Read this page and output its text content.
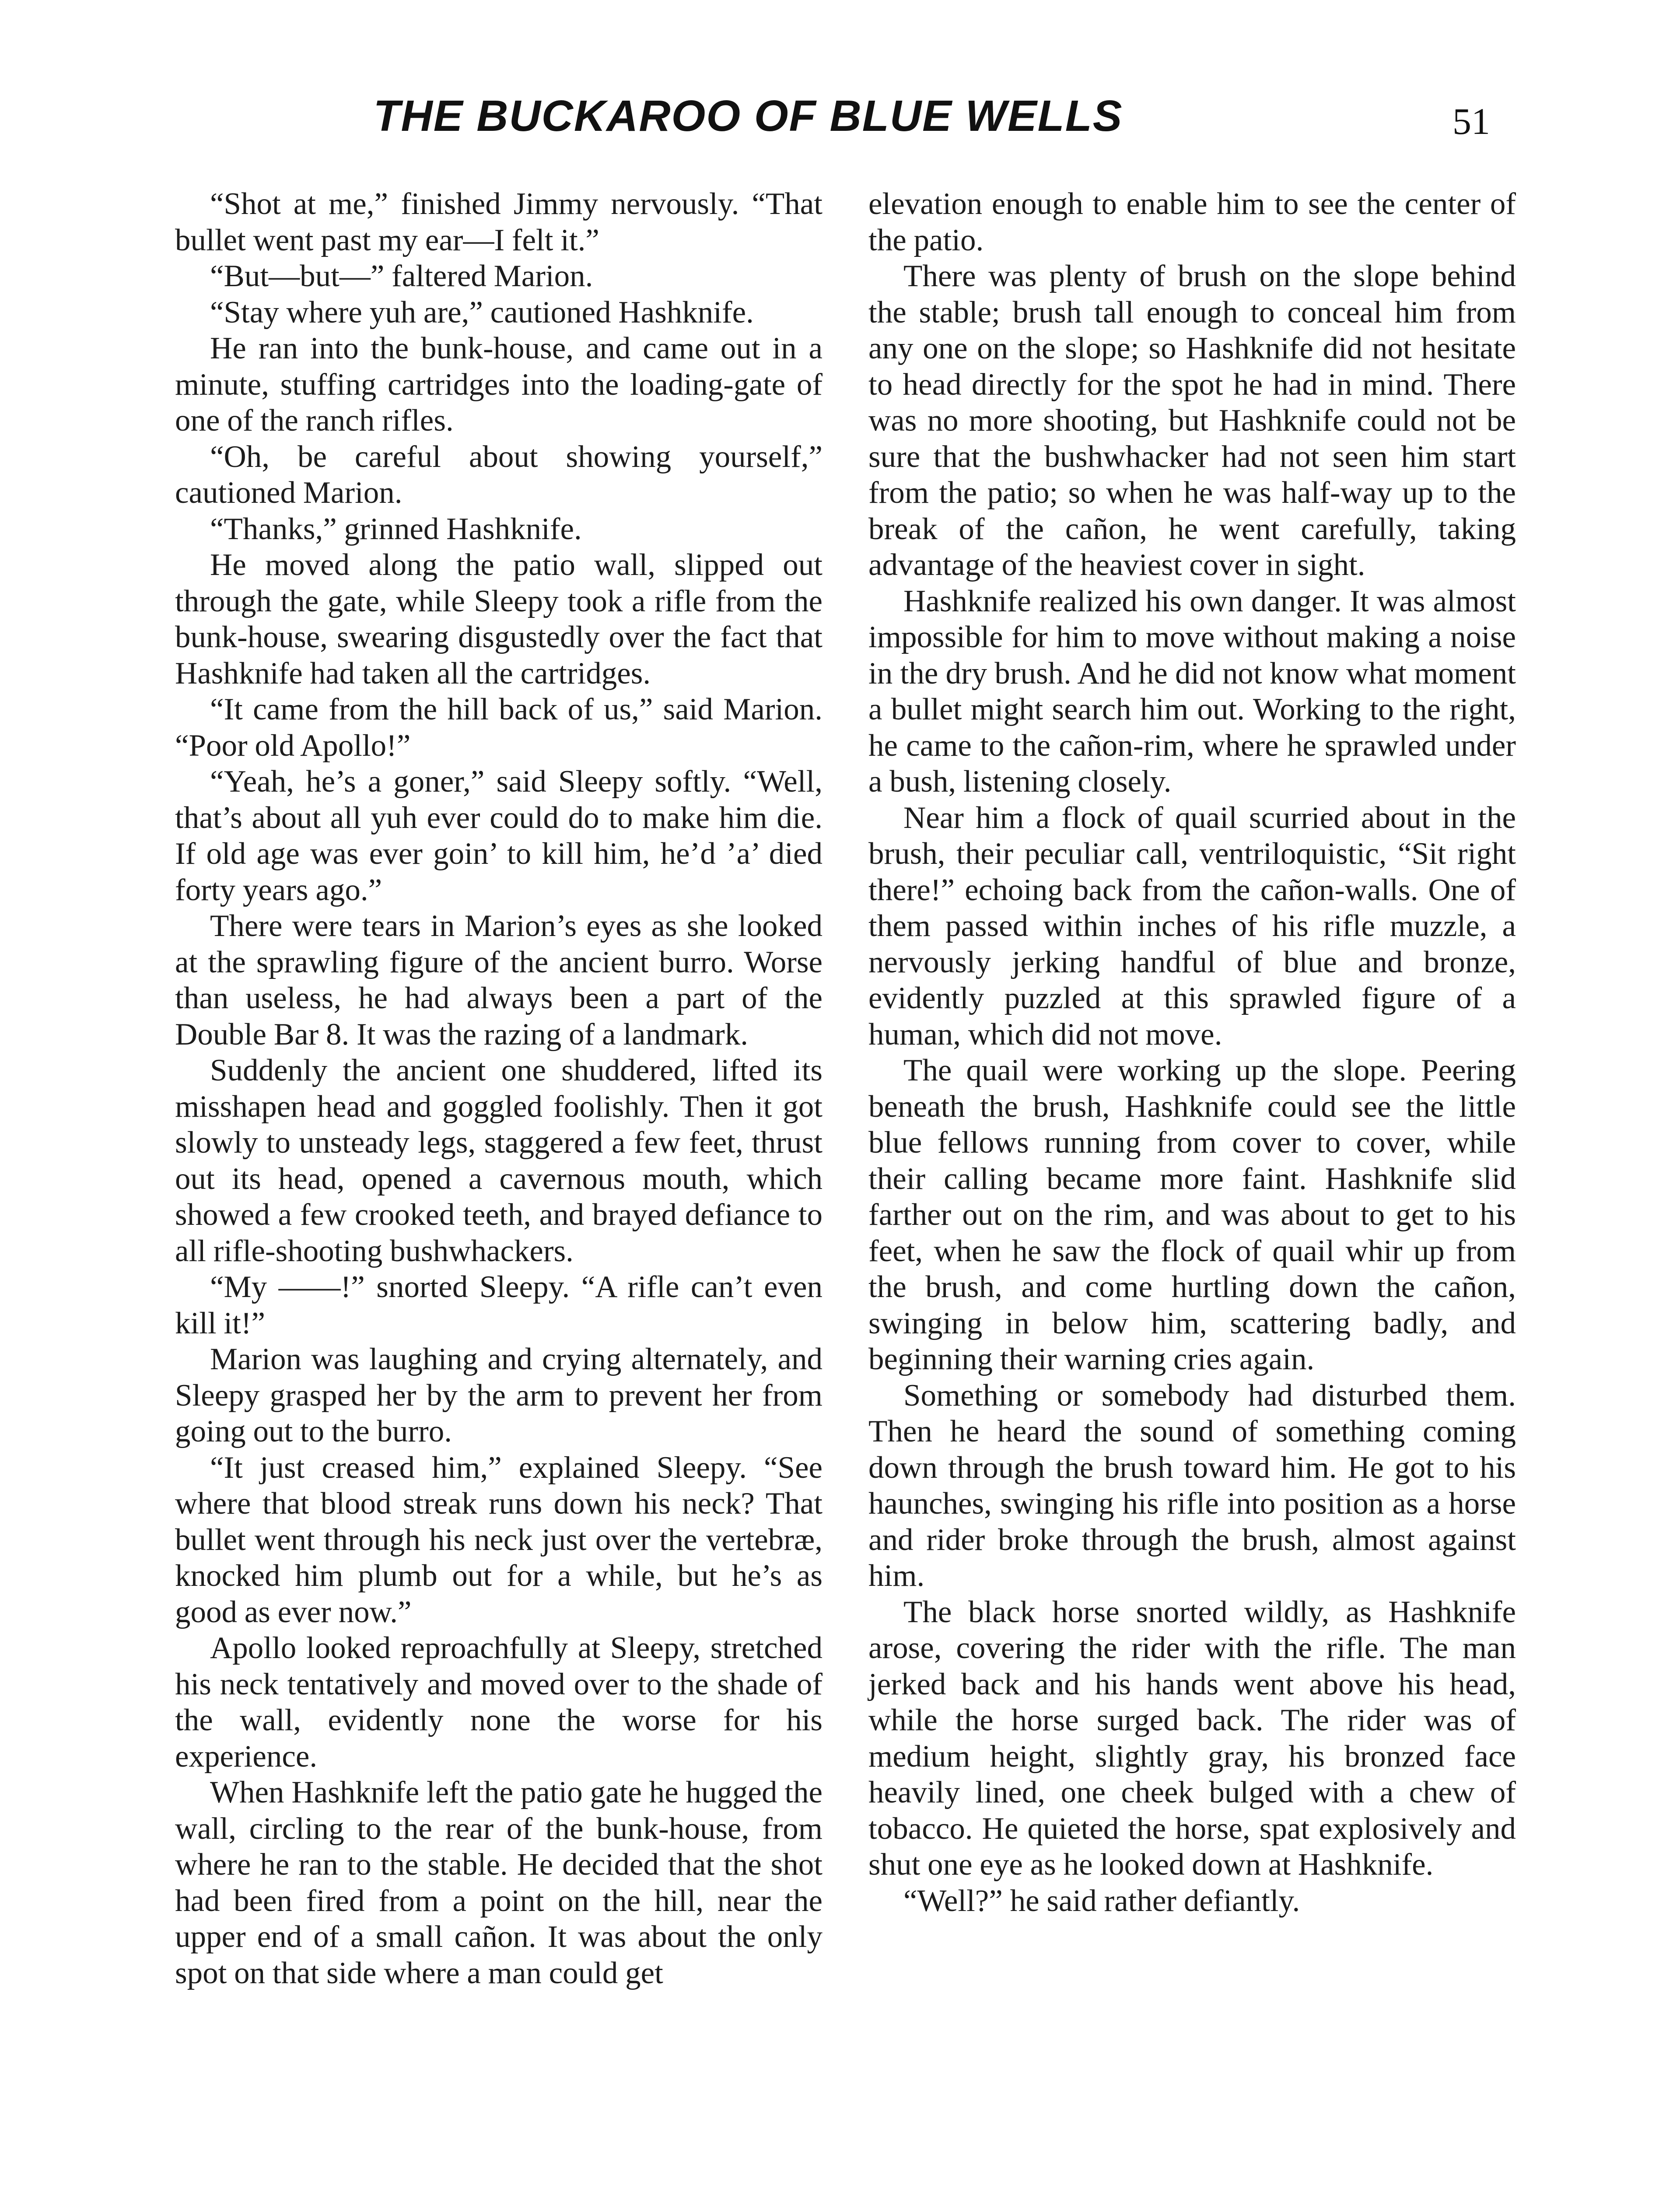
THE BUCKAROO OF BLUE WELLS	51

“Shot at me,” finished Jimmy nervously. “That bullet went past my ear—I felt it.”

“But—but—” faltered Marion.

“Stay where yuh are,” cautioned Hashknife.

He ran into the bunk-house, and came out in a minute, stuffing cartridges into the loading-gate of one of the ranch rifles.

“Oh, be careful about showing yourself,” cautioned Marion.

“Thanks,” grinned Hashknife.

He moved along the patio wall, slipped out through the gate, while Sleepy took a rifle from the bunk-house, swearing disgustedly over the fact that Hashknife had taken all the cartridges.

“It came from the hill back of us,” said Marion. “Poor old Apollo!”

“Yeah, he’s a goner,” said Sleepy softly. “Well, that’s about all yuh ever could do to make him die. If old age was ever goin’ to kill him, he’d ’a’ died forty years ago.”

There were tears in Marion’s eyes as she looked at the sprawling figure of the ancient burro. Worse than useless, he had always been a part of the Double Bar 8. It was the razing of a landmark.

Suddenly the ancient one shuddered, lifted its misshapen head and goggled foolishly. Then it got slowly to unsteady legs, staggered a few feet, thrust out its head, opened a cavernous mouth, which showed a few crooked teeth, and brayed defiance to all rifle-shooting bushwhackers.

“My ——!” snorted Sleepy. “A rifle can’t even kill it!”

Marion was laughing and crying alternately, and Sleepy grasped her by the arm to prevent her from going out to the burro.

“It just creased him,” explained Sleepy. “See where that blood streak runs down his neck? That bullet went through his neck just over the vertebræ, knocked him plumb out for a while, but he’s as good as ever now.”

Apollo looked reproachfully at Sleepy, stretched his neck tentatively and moved over to the shade of the wall, evidently none the worse for his experience.

When Hashknife left the patio gate he hugged the wall, circling to the rear of the bunk-house, from where he ran to the stable. He decided that the shot had been fired from a point on the hill, near the upper end of a small cañon. It was about the only spot on that side where a man could get

elevation enough to enable him to see the center of the patio.

There was plenty of brush on the slope behind the stable; brush tall enough to conceal him from any one on the slope; so Hashknife did not hesitate to head directly for the spot he had in mind. There was no more shooting, but Hashknife could not be sure that the bushwhacker had not seen him start from the patio; so when he was half-way up to the break of the cañon, he went carefully, taking advantage of the heaviest cover in sight.

Hashknife realized his own danger. It was almost impossible for him to move without making a noise in the dry brush. And he did not know what moment a bullet might search him out. Working to the right, he came to the cañon-rim, where he sprawled under a bush, listening closely.

Near him a flock of quail scurried about in the brush, their peculiar call, ventriloquistic, “Sit right there!” echoing back from the cañon-walls. One of them passed within inches of his rifle muzzle, a nervously jerking handful of blue and bronze, evidently puzzled at this sprawled figure of a human, which did not move.

The quail were working up the slope. Peering beneath the brush, Hashknife could see the little blue fellows running from cover to cover, while their calling became more faint. Hashknife slid farther out on the rim, and was about to get to his feet, when he saw the flock of quail whir up from the brush, and come hurtling down the cañon, swinging in below him, scattering badly, and beginning their warning cries again.

Something or somebody had disturbed them. Then he heard the sound of something coming down through the brush toward him. He got to his haunches, swinging his rifle into position as a horse and rider broke through the brush, almost against him.

The black horse snorted wildly, as Hashknife arose, covering the rider with the rifle. The man jerked back and his hands went above his head, while the horse surged back. The rider was of medium height, slightly gray, his bronzed face heavily lined, one cheek bulged with a chew of tobacco. He quieted the horse, spat explosively and shut one eye as he looked down at Hashknife.

“Well?” he said rather defiantly.
